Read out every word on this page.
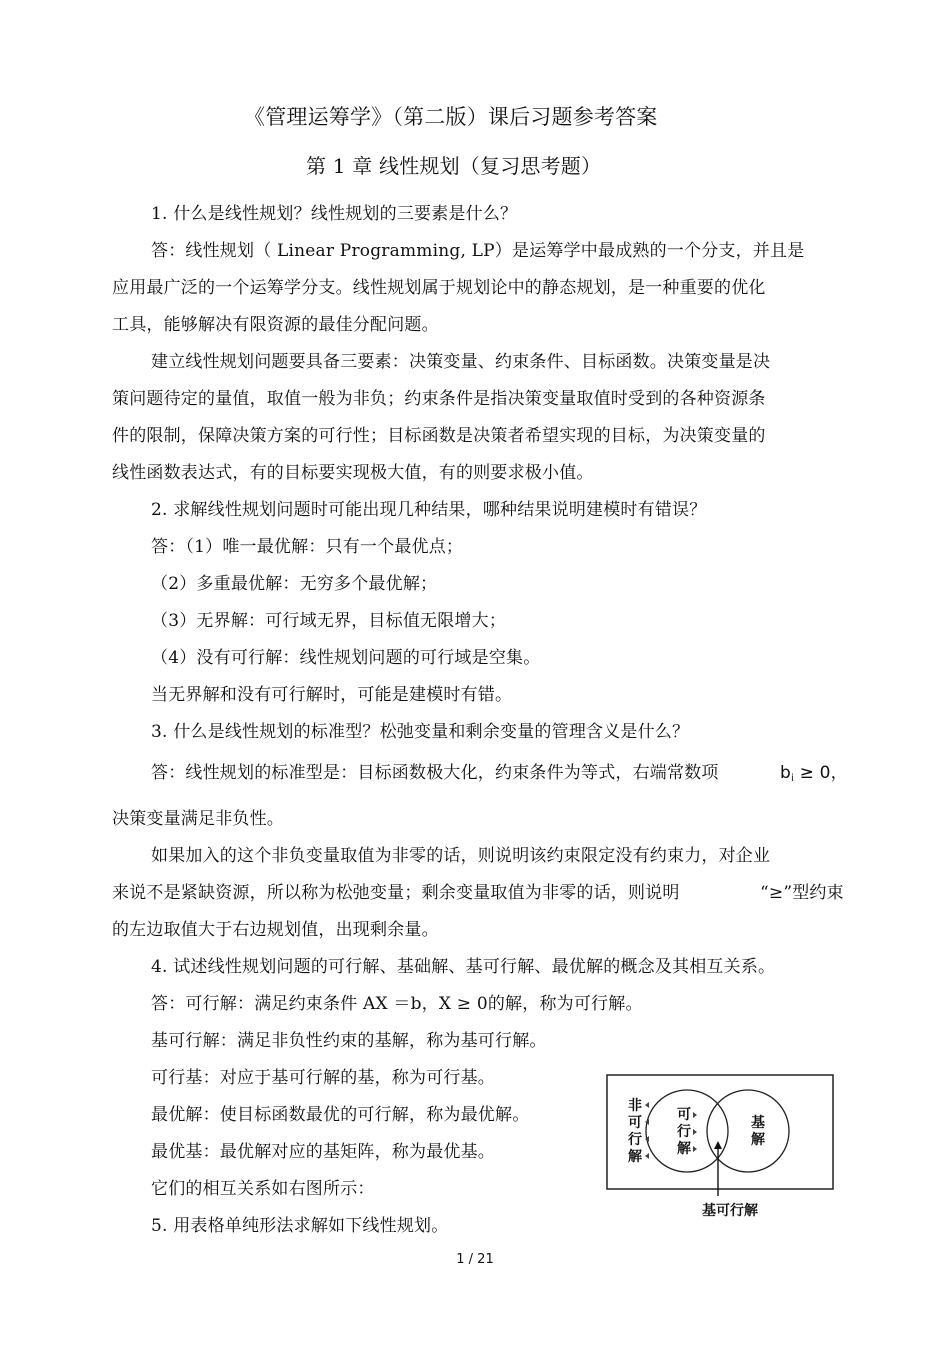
《管理运筹学》（第二版）课后习题参考答案
第 1 章 线性规划（复习思考题）
1. 什么是线性规划？线性规划的三要素是什么？
答：线性规划（ Linear Programming, LP）是运筹学中最成熟的一个分支，并且是
应用最广泛的一个运筹学分支。线性规划属于规划论中的静态规划，是一种重要的优化
工具，能够解决有限资源的最佳分配问题。
建立线性规划问题要具备三要素：决策变量、约束条件、目标函数。决策变量是决
策问题待定的量值，取值一般为非负；约束条件是指决策变量取值时受到的各种资源条
件的限制，保障决策方案的可行性；目标函数是决策者希望实现的目标，为决策变量的
线性函数表达式，有的目标要实现极大值，有的则要求极小值。
2. 求解线性规划问题时可能出现几种结果，哪种结果说明建模时有错误？
答：（1）唯一最优解：只有一个最优点；
（2）多重最优解：无穷多个最优解；
（3）无界解：可行域无界，目标值无限增大；
（4）没有可行解：线性规划问题的可行域是空集。
当无界解和没有可行解时，可能是建模时有错。
3. 什么是线性规划的标准型？松弛变量和剩余变量的管理含义是什么？
答：线性规划的标准型是：目标函数极大化，约束条件为等式，右端常数项	$b_i \ge 0$，
决策变量满足非负性。
如果加入的这个非负变量取值为非零的话，则说明该约束限定没有约束力，对企业
来说不是紧缺资源，所以称为松弛变量；剩余变量取值为非零的话，则说明	“≥”型约束
的左边取值大于右边规划值，出现剩余量。
4. 试述线性规划问题的可行解、基础解、基可行解、最优解的概念及其相互关系。
答：可行解：满足约束条件 AX ＝b，X ≥ 0的解，称为可行解。
基可行解：满足非负性约束的基解，称为基可行解。
可行基：对应于基可行解的基，称为可行基。
最优解：使目标函数最优的可行解，称为最优解。
最优基：最优解对应的基矩阵，称为最优基。
它们的相互关系如右图所示：
5. 用表格单纯形法求解如下线性规划。
非
可
行
解
可
行
解
基
解
基可行解
1 / 21
